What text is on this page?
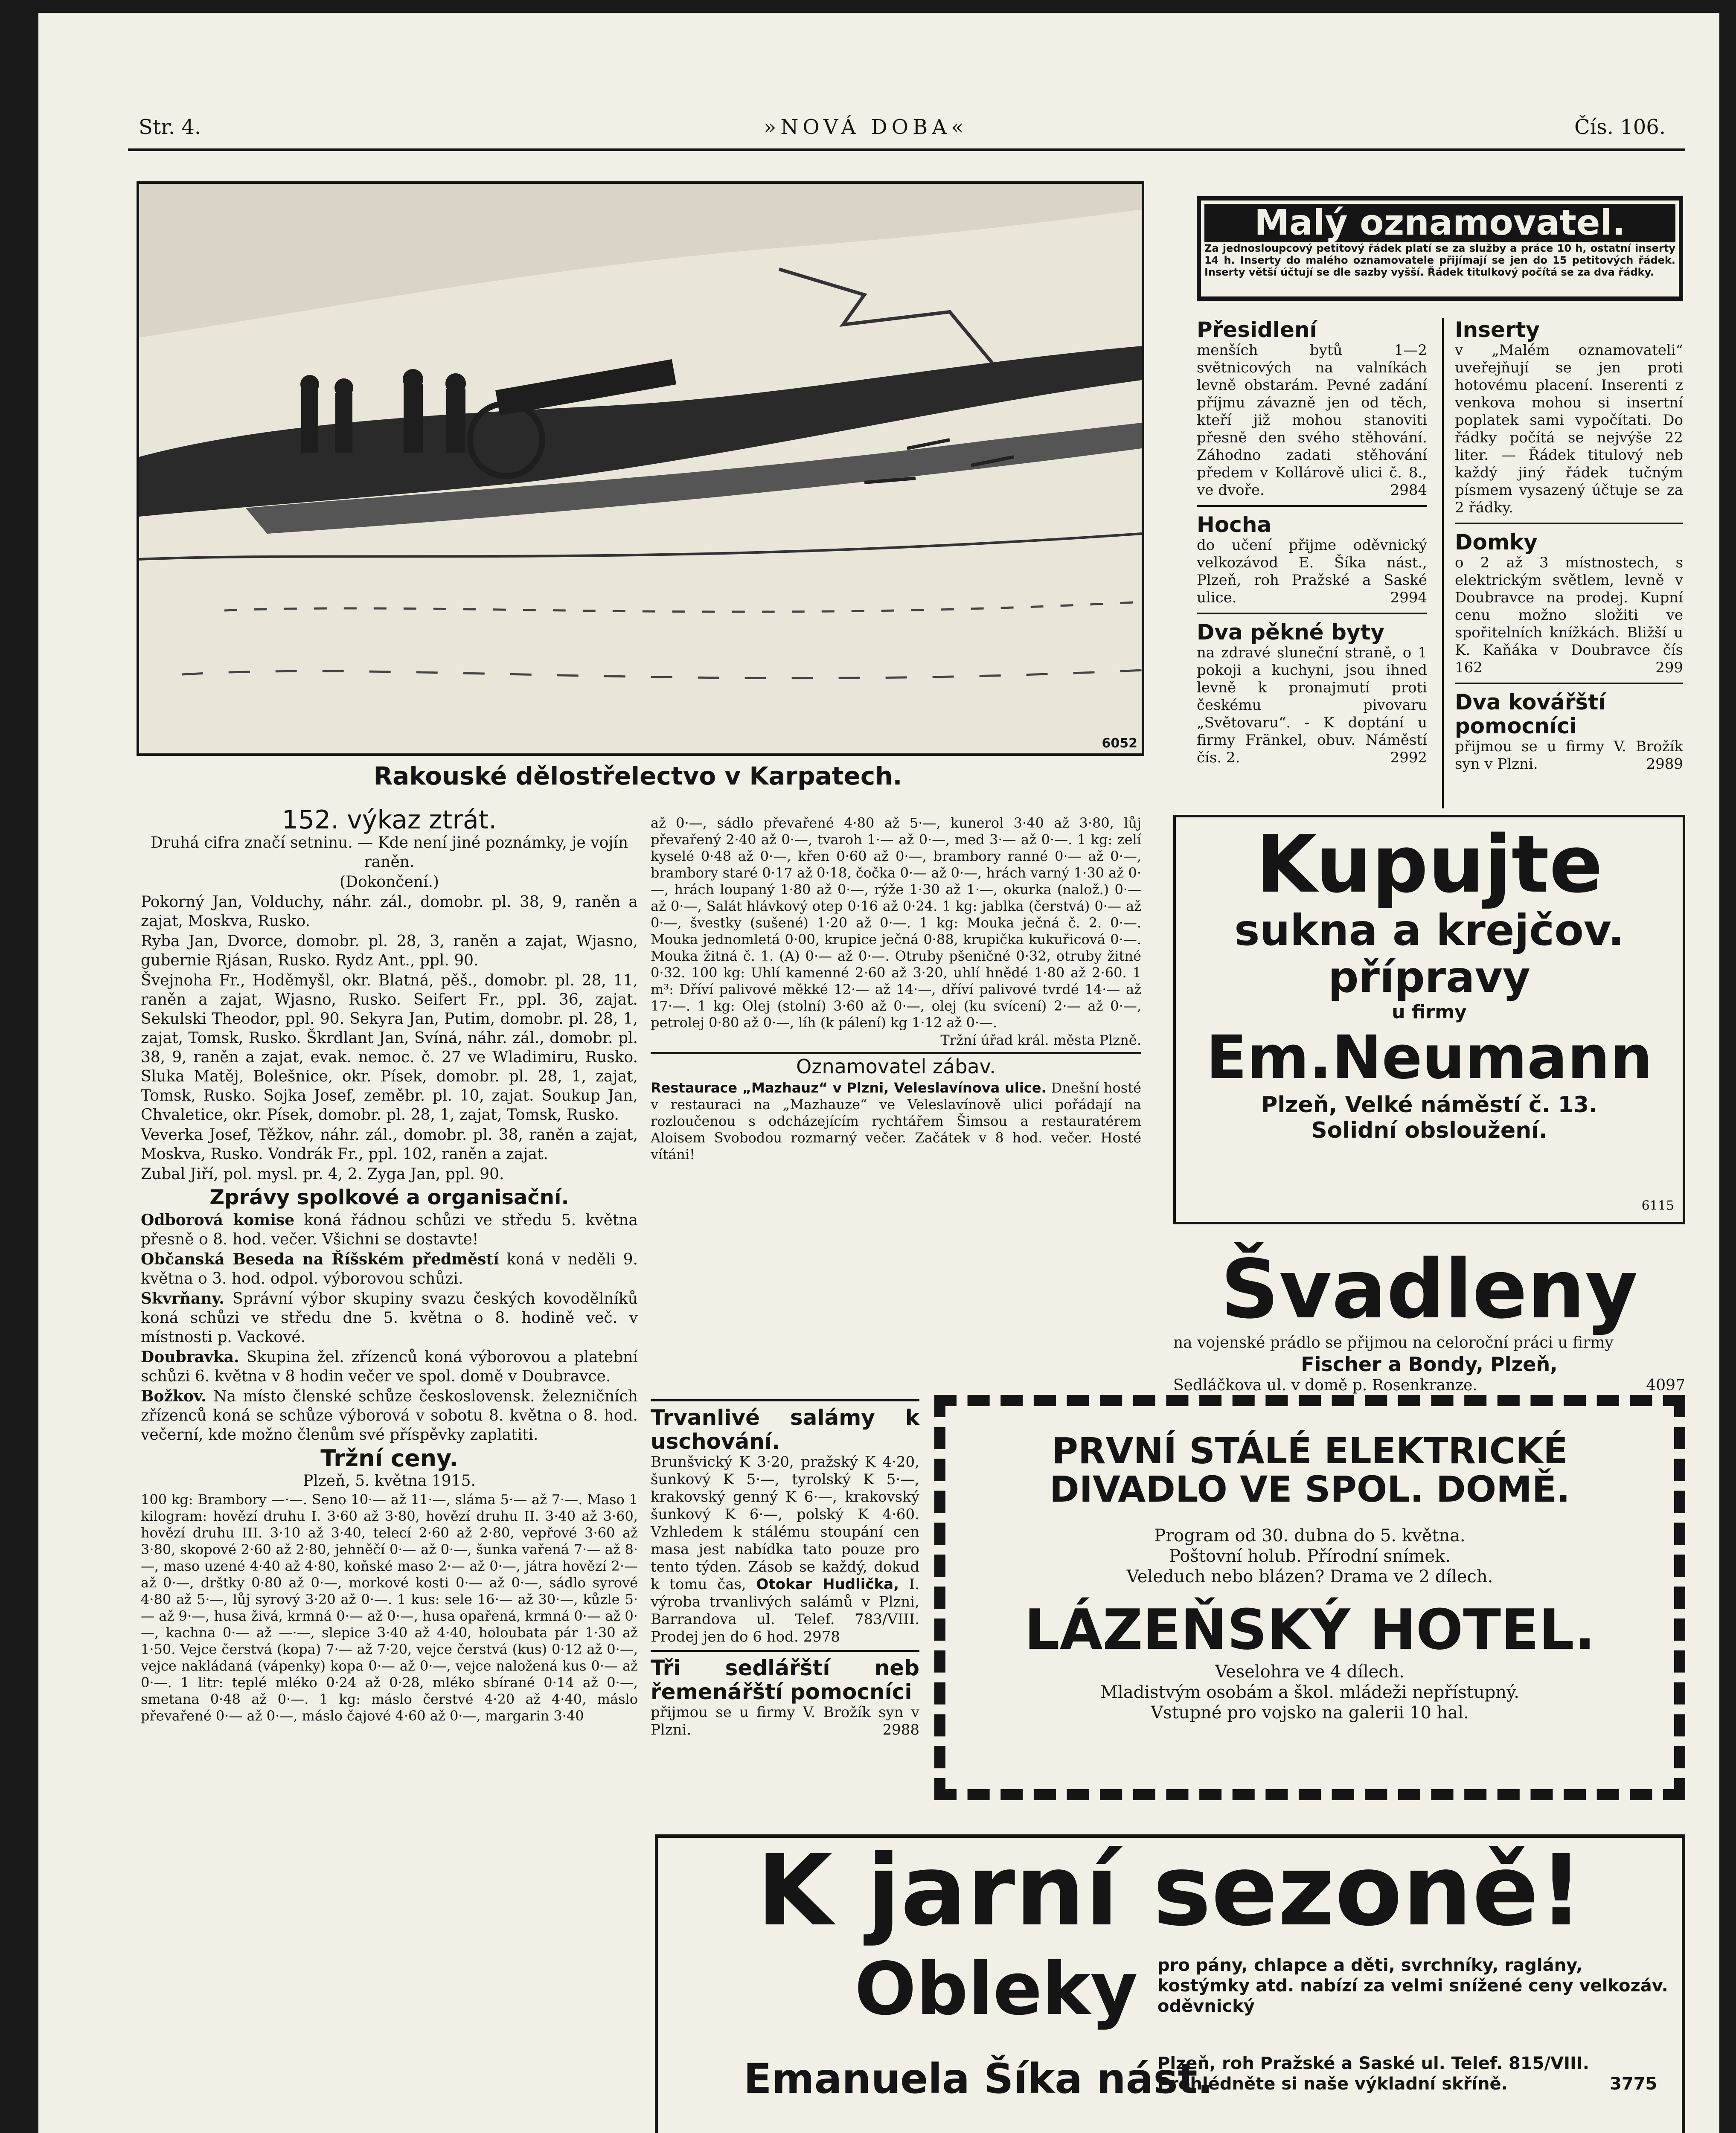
Str. 4.	»NOVÁ DOBA«	Čís. 106.
6052
Rakouské dělostřelectvo v Karpatech.
152. výkaz ztrát.

Druhá cifra značí setninu. — Kde není jiné poznámky, je vojín raněn.

(Dokončení.)

Pokorný Jan, Volduchy, náhr. zál., domobr. pl. 38, 9, raněn a zajat, Moskva, Rusko.

Ryba Jan, Dvorce, domobr. pl. 28, 3, raněn a zajat, Wjasno, gubernie Rjásan, Rusko. Rydz Ant., ppl. 90.

Švejnoha Fr., Hoděmyšl, okr. Blatná, pěš., domobr. pl. 28, 11, raněn a zajat, Wjasno, Rusko. Seifert Fr., ppl. 36, zajat. Sekulski Theodor, ppl. 90. Sekyra Jan, Putim, domobr. pl. 28, 1, zajat, Tomsk, Rusko. Škrdlant Jan, Svíná, náhr. zál., domobr. pl. 38, 9, raněn a zajat, evak. nemoc. č. 27 ve Wladimiru, Rusko. Sluka Matěj, Bolešnice, okr. Písek, domobr. pl. 28, 1, zajat, Tomsk, Rusko. Sojka Josef, zeměbr. pl. 10, zajat. Soukup Jan, Chvaletice, okr. Písek, domobr. pl. 28, 1, zajat, Tomsk, Rusko.

Veverka Josef, Těžkov, náhr. zál., domobr. pl. 38, raněn a zajat, Moskva, Rusko. Vondrák Fr., ppl. 102, raněn a zajat.

Zubal Jiří, pol. mysl. pr. 4, 2. Zyga Jan, ppl. 90.

Zprávy spolkové a organisační.

Odborová komise koná řádnou schůzi ve středu 5. května přesně o 8. hod. večer. Všichni se dostavte!

Občanská Beseda na Říšském předměstí koná v neděli 9. května o 3. hod. odpol. výborovou schůzi.

Skvrňany. Správní výbor skupiny svazu českých kovodělníků koná schůzi ve středu dne 5. května o 8. hodině več. v místnosti p. Vackové.

Doubravka. Skupina žel. zřízenců koná výborovou a platební schůzi 6. května v 8 hodin večer ve spol. domě v Doubravce.

Božkov. Na místo členské schůze československ. železničních zřízenců koná se schůze výborová v sobotu 8. května o 8. hod. večerní, kde možno členům své příspěvky zaplatiti.

Tržní ceny.

Plzeň, 5. května 1915.

100 kg: Brambory —·—. Seno 10·— až 11·—, sláma 5·— až 7·—. Maso 1 kilogram: hovězí druhu I. 3·60 až 3·80, hovězí druhu II. 3·40 až 3·60, hovězí druhu III. 3·10 až 3·40, telecí 2·60 až 2·80, vepřové 3·60 až 3·80, skopové 2·60 až 2·80, jehněčí 0·— až 0·—, šunka vařená 7·— až 8·—, maso uzené 4·40 až 4·80, koňské maso 2·— až 0·—, játra hovězí 2·— až 0·—, drštky 0·80 až 0·—, morkové kosti 0·— až 0·—, sádlo syrové 4·80 až 5·—, lůj syrový 3·20 až 0·—. 1 kus: sele 16·— až 30·—, kůzle 5·— až 9·—, husa živá, krmná 0·— až 0·—, husa opařená, krmná 0·— až 0·—, kachna 0·— až —·—, slepice 3·40 až 4·40, holoubata pár 1·30 až 1·50. Vejce čerstvá (kopa) 7·— až 7·20, vejce čerstvá (kus) 0·12 až 0·—, vejce nakládaná (vápenky) kopa 0·— až 0·—, vejce naložená kus 0·— až 0·—. 1 litr: teplé mléko 0·24 až 0·28, mléko sbírané 0·14 až 0·—, smetana 0·48 až 0·—. 1 kg: máslo čerstvé 4·20 až 4·40, máslo převařené 0·— až 0·—, máslo čajové 4·60 až 0·—, margarin 3·40

až 0·—, sádlo převařené 4·80 až 5·—, kunerol 3·40 až 3·80, lůj převařený 2·40 až 0·—, tvaroh 1·— až 0·—, med 3·— až 0·—. 1 kg: zelí kyselé 0·48 až 0·—, křen 0·60 až 0·—, brambory ranné 0·— až 0·—, brambory staré 0·17 až 0·18, čočka 0·— až 0·—, hrách varný 1·30 až 0·—, hrách loupaný 1·80 až 0·—, rýže 1·30 až 1·—, okurka (nalož.) 0·— až 0·—, Salát hlávkový otep 0·16 až 0·24. 1 kg: jablka (čerstvá) 0·— až 0·—, švestky (sušené) 1·20 až 0·—. 1 kg: Mouka ječná č. 2. 0·—. Mouka jednomletá 0·00, krupice ječná 0·88, krupička kukuřicová 0·—. Mouka žitná č. 1. (A) 0·— až 0·—. Otruby pšeničné 0·32, otruby žitné 0·32. 100 kg: Uhlí kamenné 2·60 až 3·20, uhlí hnědé 1·80 až 2·60. 1 m³: Dříví palivové měkké 12·— až 14·—, dříví palivové tvrdé 14·— až 17·—. 1 kg: Olej (stolní) 3·60 až 0·—, olej (ku svícení) 2·— až 0·—, petrolej 0·80 až 0·—, líh (k pálení) kg 1·12 až 0·—.

Tržní úřad král. města Plzně.

Oznamovatel zábav.

Restaurace „Mazhauz“ v Plzni, Veleslavínova ulice. Dnešní hosté v restauraci na „Mazhauze“ ve Veleslavínově ulici pořádají na rozloučenou s odcházejícím rychtářem Šimsou a restauratérem Aloisem Svobodou rozmarný večer. Začátek v 8 hod. večer. Hosté vítáni!

Trvanlivé salámy k uschování.

Brunšvický K 3·20, pražský K 4·20, šunkový K 5·—, tyrolský K 5·—, krakovský genný K 6·—, krakovský šunkový K 6·—, polský K 4·60. Vzhledem k stálému stoupání cen masa jest nabídka tato pouze pro tento týden. Zásob se každý, dokud k tomu čas, Otokar Hudlička, I. výroba trvanlivých salámů v Plzni, Barrandova ul. Telef. 783/VIII. Prodej jen do 6 hod. 2978

Tři sedlářští neb řemenářští pomocníci

přijmou se u firmy V. Brožík syn v Plzni.	2988

Malý oznamovatel.
Za jednosloupcový petitový řádek platí se za služby a práce 10 h, ostatní inserty 14 h. Inserty do malého oznamovatele přijímají se jen do 15 petitových řádek. Inserty větší účtují se dle sazby vyšší. Řádek titulkový počítá se za dva řádky.
Přesidlení
menších bytů 1—2 světnicových na valníkách levně obstarám. Pevné zadání příjmu závazně jen od těch, kteří již mohou stanoviti přesně den svého stěhování. Záhodno zadati stěhování předem v Kollárově ulici č. 8., ve dvoře.	2984
Hocha
do učení přijme oděvnický velkozávod E. Šíka nást., Plzeň, roh Pražské a Saské ulice.	2994
Dva pěkné byty
na zdravé sluneční straně, o 1 pokoji a kuchyni, jsou ihned levně k pronajmutí proti českému pivovaru „Světovaru“. - K doptání u firmy Fränkel, obuv. Náměstí čís. 2.	2992
Inserty
v „Malém oznamovateli“ uveřejňují se jen proti hotovému placení. Inserenti z venkova mohou si insertní poplatek sami vypočítati. Do řádky počítá se nejvýše 22 liter. — Řádek titulový neb každý jiný řádek tučným písmem vysazený účtuje se za 2 řádky.
Domky
o 2 až 3 místnostech, s elektrickým světlem, levně v Doubravce na prodej. Kupní cenu možno složiti ve spořitelních knížkách. Bližší u K. Kaňáka v Doubravce čís 162	299
Dva kovářští pomocníci
přijmou se u firmy V. Brožík syn v Plzni.	2989
Kupujte
sukna a krejčov.
přípravy
u firmy
Em.Neumann
Plzeň, Velké náměstí č. 13.
Solidní obsloužení.
6115
Švadleny
na vojenské prádlo se přijmou na celoroční práci u firmy
Fischer a Bondy, Plzeň,
Sedláčkova ul. v domě p. Rosenkranze.	4097
PRVNÍ STÁLÉ ELEKTRICKÉ
DIVADLO VE SPOL. DOMĚ.
Program od 30. dubna do 5. května.
Poštovní holub. Přírodní snímek.
Veleduch nebo blázen? Drama ve 2 dílech.
LÁZEŇSKÝ HOTEL.
Veselohra ve 4 dílech.
Mladistvým osobám a škol. mládeži nepřístupný.
Vstupné pro vojsko na galerii 10 hal.
K jarní sezoně!
Obleky pro pány, chlapce a děti, svrchníky, raglány, kostýmky atd. nabízí za velmi snížené ceny velkozáv. oděvnický
Emanuela Šíka nást.
Plzeň, roh Pražské a Saské ul. Telef. 815/VIII. Prohlédněte si naše výkladní skříně.	3775
